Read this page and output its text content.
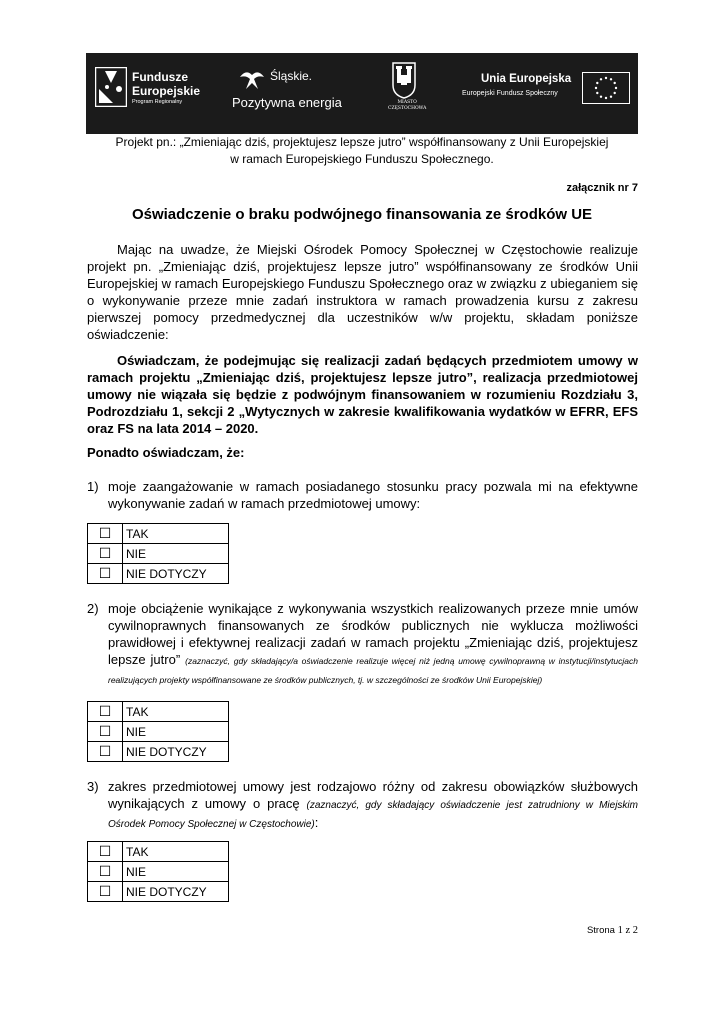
Fundusze
Europejskie
Program Regionalny
Śląskie.
Pozytywna energia	MIASTO
CZĘSTOCHOWA
Unia Europejska
Europejski Fundusz Społeczny
Projekt pn.: „Zmieniając dziś, projektujesz lepsze jutro” współfinansowany z Unii Europejskiej
w ramach Europejskiego Funduszu Społecznego.
załącznik nr 7
Oświadczenie o braku podwójnego finansowania ze środków UE

Mając na uwadze, że Miejski Ośrodek Pomocy Społecznej w Częstochowie realizuje projekt pn. „Zmieniając dziś, projektujesz lepsze jutro” współfinansowany ze środków Unii Europejskiej w ramach Europejskiego Funduszu Społecznego oraz w związku z ubieganiem się o wykonywanie przeze mnie zadań instruktora w ramach prowadzenia kursu z zakresu pierwszej pomocy przedmedycznej dla uczestników w/w projektu, składam poniższe oświadczenie:

Oświadczam, że podejmując się realizacji zadań będących przedmiotem umowy w ramach projektu „Zmieniając dziś, projektujesz lepsze jutro”, realizacja przedmiotowej umowy nie wiązała się będzie z podwójnym finansowaniem w rozumieniu Rozdziału 3, Podrozdziału 1, sekcji 2 „Wytycznych w zakresie kwalifikowania wydatków w EFRR, EFS oraz FS na lata 2014 – 2020.

Ponadto oświadczam, że:

1) moje zaangażowanie w ramach posiadanego stosunku pracy pozwala mi na efektywne wykonywanie zadań w ramach przedmiotowej umowy:
☐	TAK
☐	NIE
☐	NIE DOTYCZY
2) moje obciążenie wynikające z wykonywania wszystkich realizowanych przeze mnie umów cywilnoprawnych finansowanych ze środków publicznych nie wyklucza możliwości prawidłowej i efektywnej realizacji zadań w ramach projektu „Zmieniając dziś, projektujesz lepsze jutro” (zaznaczyć, gdy składający/a oświadczenie realizuje więcej niż jedną umowę cywilnoprawną w instytucji/instytucjach realizujących projekty współfinansowane ze środków publicznych, tj. w szczególności ze środków Unii Europejskiej)
☐	TAK
☐	NIE
☐	NIE DOTYCZY
3) zakres przedmiotowej umowy jest rodzajowo różny od zakresu obowiązków służbowych wynikających z umowy o pracę (zaznaczyć, gdy składający oświadczenie jest zatrudniony w Miejskim Ośrodek Pomocy Społecznej w Częstochowie):
☐	TAK
☐	NIE
☐	NIE DOTYCZY
Strona 1 z 2
